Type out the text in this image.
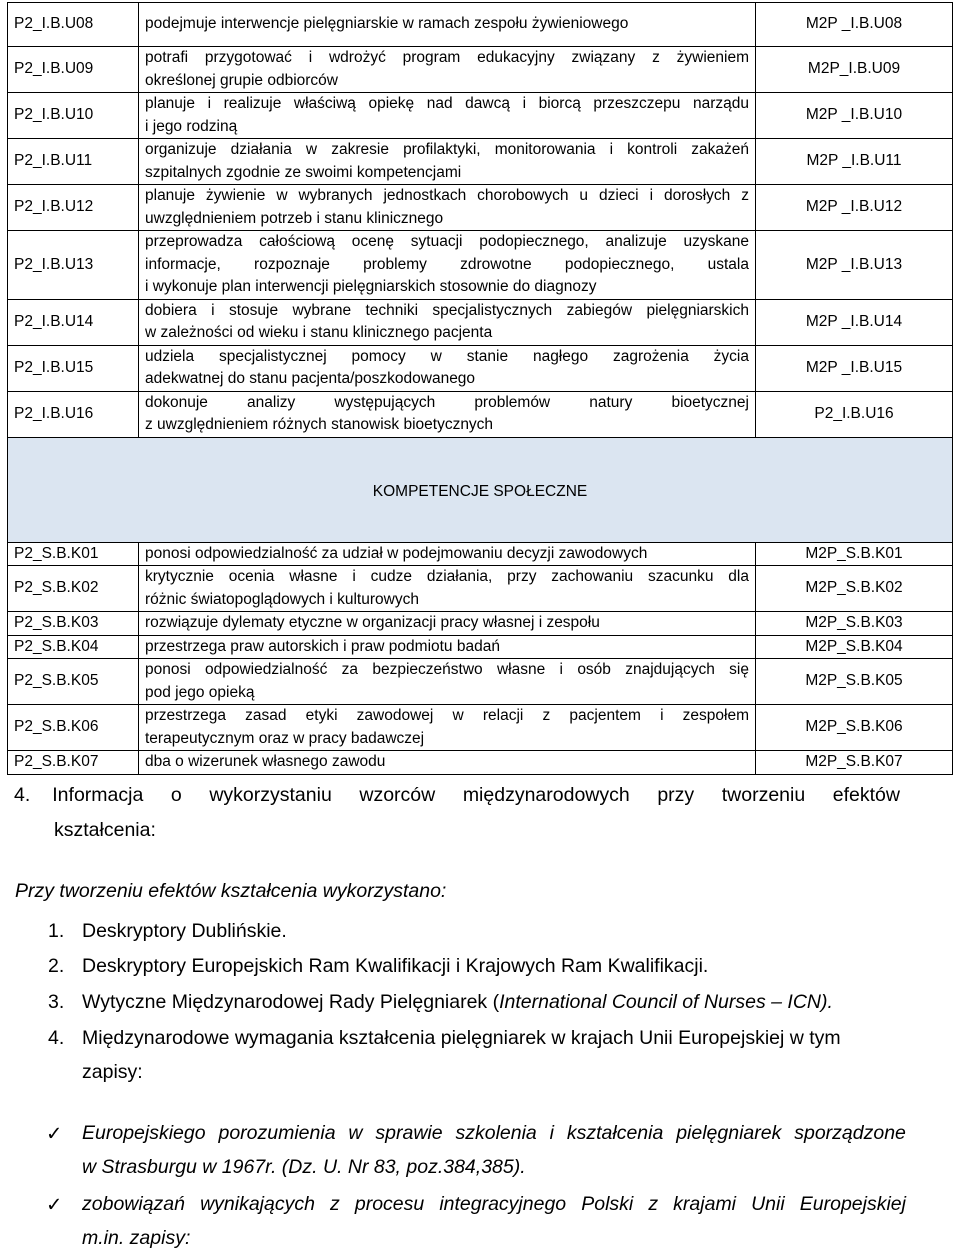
P2_I.B.U08	podejmuje interwencje pielęgniarskie w ramach zespołu żywieniowego	M2P _I.B.U08
P2_I.B.U09	potrafi przygotować i wdrożyć program edukacyjny związany z żywieniem
określonej grupie odbiorców	M2P_I.B.U09
P2_I.B.U10	planuje i realizuje właściwą opiekę nad dawcą i biorcą przeszczepu narządu
i jego rodziną	M2P _I.B.U10
P2_I.B.U11	organizuje działania w zakresie profilaktyki, monitorowania i kontroli zakażeń
szpitalnych zgodnie ze swoimi kompetencjami	M2P _I.B.U11
P2_I.B.U12	planuje żywienie w wybranych jednostkach chorobowych u dzieci i dorosłych z
uwzględnieniem potrzeb i stanu klinicznego	M2P _I.B.U12
P2_I.B.U13	przeprowadza całościową ocenę sytuacji podopiecznego, analizuje uzyskane
informacje, rozpoznaje problemy zdrowotne podopiecznego, ustala
i wykonuje plan interwencji pielęgniarskich stosownie do diagnozy	M2P _I.B.U13
P2_I.B.U14	dobiera i stosuje wybrane techniki specjalistycznych zabiegów pielęgniarskich
w zależności od wieku i stanu klinicznego pacjenta	M2P _I.B.U14
P2_I.B.U15	udziela specjalistycznej pomocy w stanie nagłego zagrożenia życia
adekwatnej do stanu pacjenta/poszkodowanego	M2P _I.B.U15
P2_I.B.U16	dokonuje analizy występujących problemów natury bioetycznej
z uwzględnieniem różnych stanowisk bioetycznych	P2_I.B.U16
KOMPETENCJE SPOŁECZNE		
P2_S.B.K01	ponosi odpowiedzialność za udział w podejmowaniu decyzji zawodowych	M2P_S.B.K01
P2_S.B.K02	krytycznie ocenia własne i cudze działania, przy zachowaniu szacunku dla
różnic światopoglądowych i kulturowych	M2P_S.B.K02
P2_S.B.K03	rozwiązuje dylematy etyczne w organizacji pracy własnej i zespołu	M2P_S.B.K03
P2_S.B.K04	przestrzega praw autorskich i praw podmiotu badań	M2P_S.B.K04
P2_S.B.K05	ponosi odpowiedzialność za bezpieczeństwo własne i osób znajdujących się
pod jego opieką	M2P_S.B.K05
P2_S.B.K06	przestrzega zasad etyki zawodowej w relacji z pacjentem i zespołem
terapeutycznym oraz w pracy badawczej	M2P_S.B.K06
P2_S.B.K07	dba o wizerunek własnego zawodu	M2P_S.B.K07
4. Informacja o wykorzystaniu wzorców międzynarodowych przy tworzeniu efektów
kształcenia:
Przy tworzeniu efektów kształcenia wykorzystano:
1. Deskryptory Dublińskie.
2. Deskryptory Europejskich Ram Kwalifikacji i Krajowych Ram Kwalifikacji.
3. Wytyczne Międzynarodowej Rady Pielęgniarek (International Council of Nurses – ICN).
4. Międzynarodowe wymagania kształcenia pielęgniarek w krajach Unii Europejskiej w tym
zapisy:
✓ Europejskiego porozumienia w sprawie szkolenia i kształcenia pielęgniarek sporządzone
w Strasburgu w 1967r. (Dz. U. Nr 83, poz.384,385).
✓ zobowiązań wynikających z procesu integracyjnego Polski z krajami Unii Europejskiej
m.in. zapisy:
